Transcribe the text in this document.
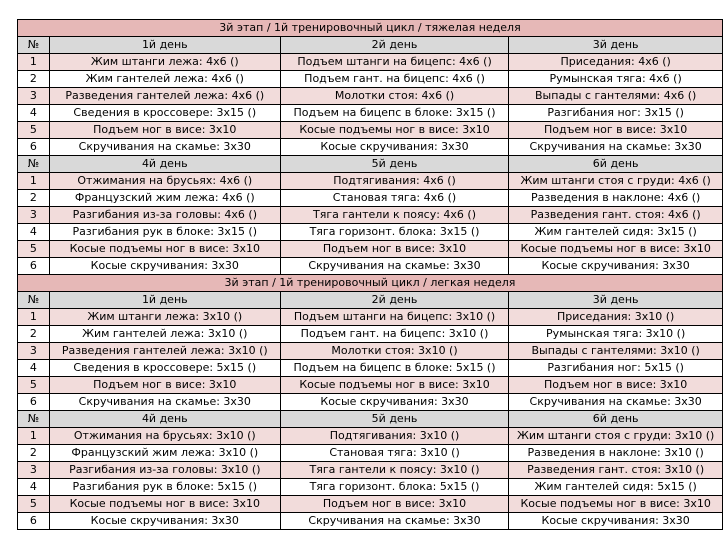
3й этап / 1й тренировочный цикл / тяжелая неделя			
№	1й день	2й день	3й день
1	Жим штанги лежа: 4х6 ()	Подъем штанги на бицепс: 4х6 ()	Приседания: 4х6 ()
2	Жим гантелей лежа: 4х6 ()	Подъем гант. на бицепс: 4х6 ()	Румынская тяга: 4х6 ()
3	Разведения гантелей лежа: 4х6 ()	Молотки стоя: 4х6 ()	Выпады с гантелями: 4х6 ()
4	Сведения в кроссовере: 3х15 ()	Подъем на бицепс в блоке: 3х15 ()	Разгибания ног: 3х15 ()
5	Подъем ног в висе: 3х10	Косые подъемы ног в висе: 3х10	Подъем ног в висе: 3х10
6	Скручивания на скамье: 3х30	Косые скручивания: 3х30	Скручивания на скамье: 3х30
№	4й день	5й день	6й день
1	Отжимания на брусьях: 4х6 ()	Подтягивания: 4х6 ()	Жим штанги стоя с груди: 4х6 ()
2	Французский жим лежа: 4х6 ()	Становая тяга: 4х6 ()	Разведения в наклоне: 4х6 ()
3	Разгибания из-за головы: 4х6 ()	Тяга гантели к поясу: 4х6 ()	Разведения гант. стоя: 4х6 ()
4	Разгибания рук в блоке: 3х15 ()	Тяга горизонт. блока: 3х15 ()	Жим гантелей сидя: 3х15 ()
5	Косые подъемы ног в висе: 3х10	Подъем ног в висе: 3х10	Косые подъемы ног в висе: 3х10
6	Косые скручивания: 3х30	Скручивания на скамье: 3х30	Косые скручивания: 3х30
3й этап / 1й тренировочный цикл / легкая неделя			
№	1й день	2й день	3й день
1	Жим штанги лежа: 3х10 ()	Подъем штанги на бицепс: 3х10 ()	Приседания: 3х10 ()
2	Жим гантелей лежа: 3х10 ()	Подъем гант. на бицепс: 3х10 ()	Румынская тяга: 3х10 ()
3	Разведения гантелей лежа: 3х10 ()	Молотки стоя: 3х10 ()	Выпады с гантелями: 3х10 ()
4	Сведения в кроссовере: 5х15 ()	Подъем на бицепс в блоке: 5х15 ()	Разгибания ног: 5х15 ()
5	Подъем ног в висе: 3х10	Косые подъемы ног в висе: 3х10	Подъем ног в висе: 3х10
6	Скручивания на скамье: 3х30	Косые скручивания: 3х30	Скручивания на скамье: 3х30
№	4й день	5й день	6й день
1	Отжимания на брусьях: 3х10 ()	Подтягивания: 3х10 ()	Жим штанги стоя с груди: 3х10 ()
2	Французский жим лежа: 3х10 ()	Становая тяга: 3х10 ()	Разведения в наклоне: 3х10 ()
3	Разгибания из-за головы: 3х10 ()	Тяга гантели к поясу: 3х10 ()	Разведения гант. стоя: 3х10 ()
4	Разгибания рук в блоке: 5х15 ()	Тяга горизонт. блока: 5х15 ()	Жим гантелей сидя: 5х15 ()
5	Косые подъемы ног в висе: 3х10	Подъем ног в висе: 3х10	Косые подъемы ног в висе: 3х10
6	Косые скручивания: 3х30	Скручивания на скамье: 3х30	Косые скручивания: 3х30
